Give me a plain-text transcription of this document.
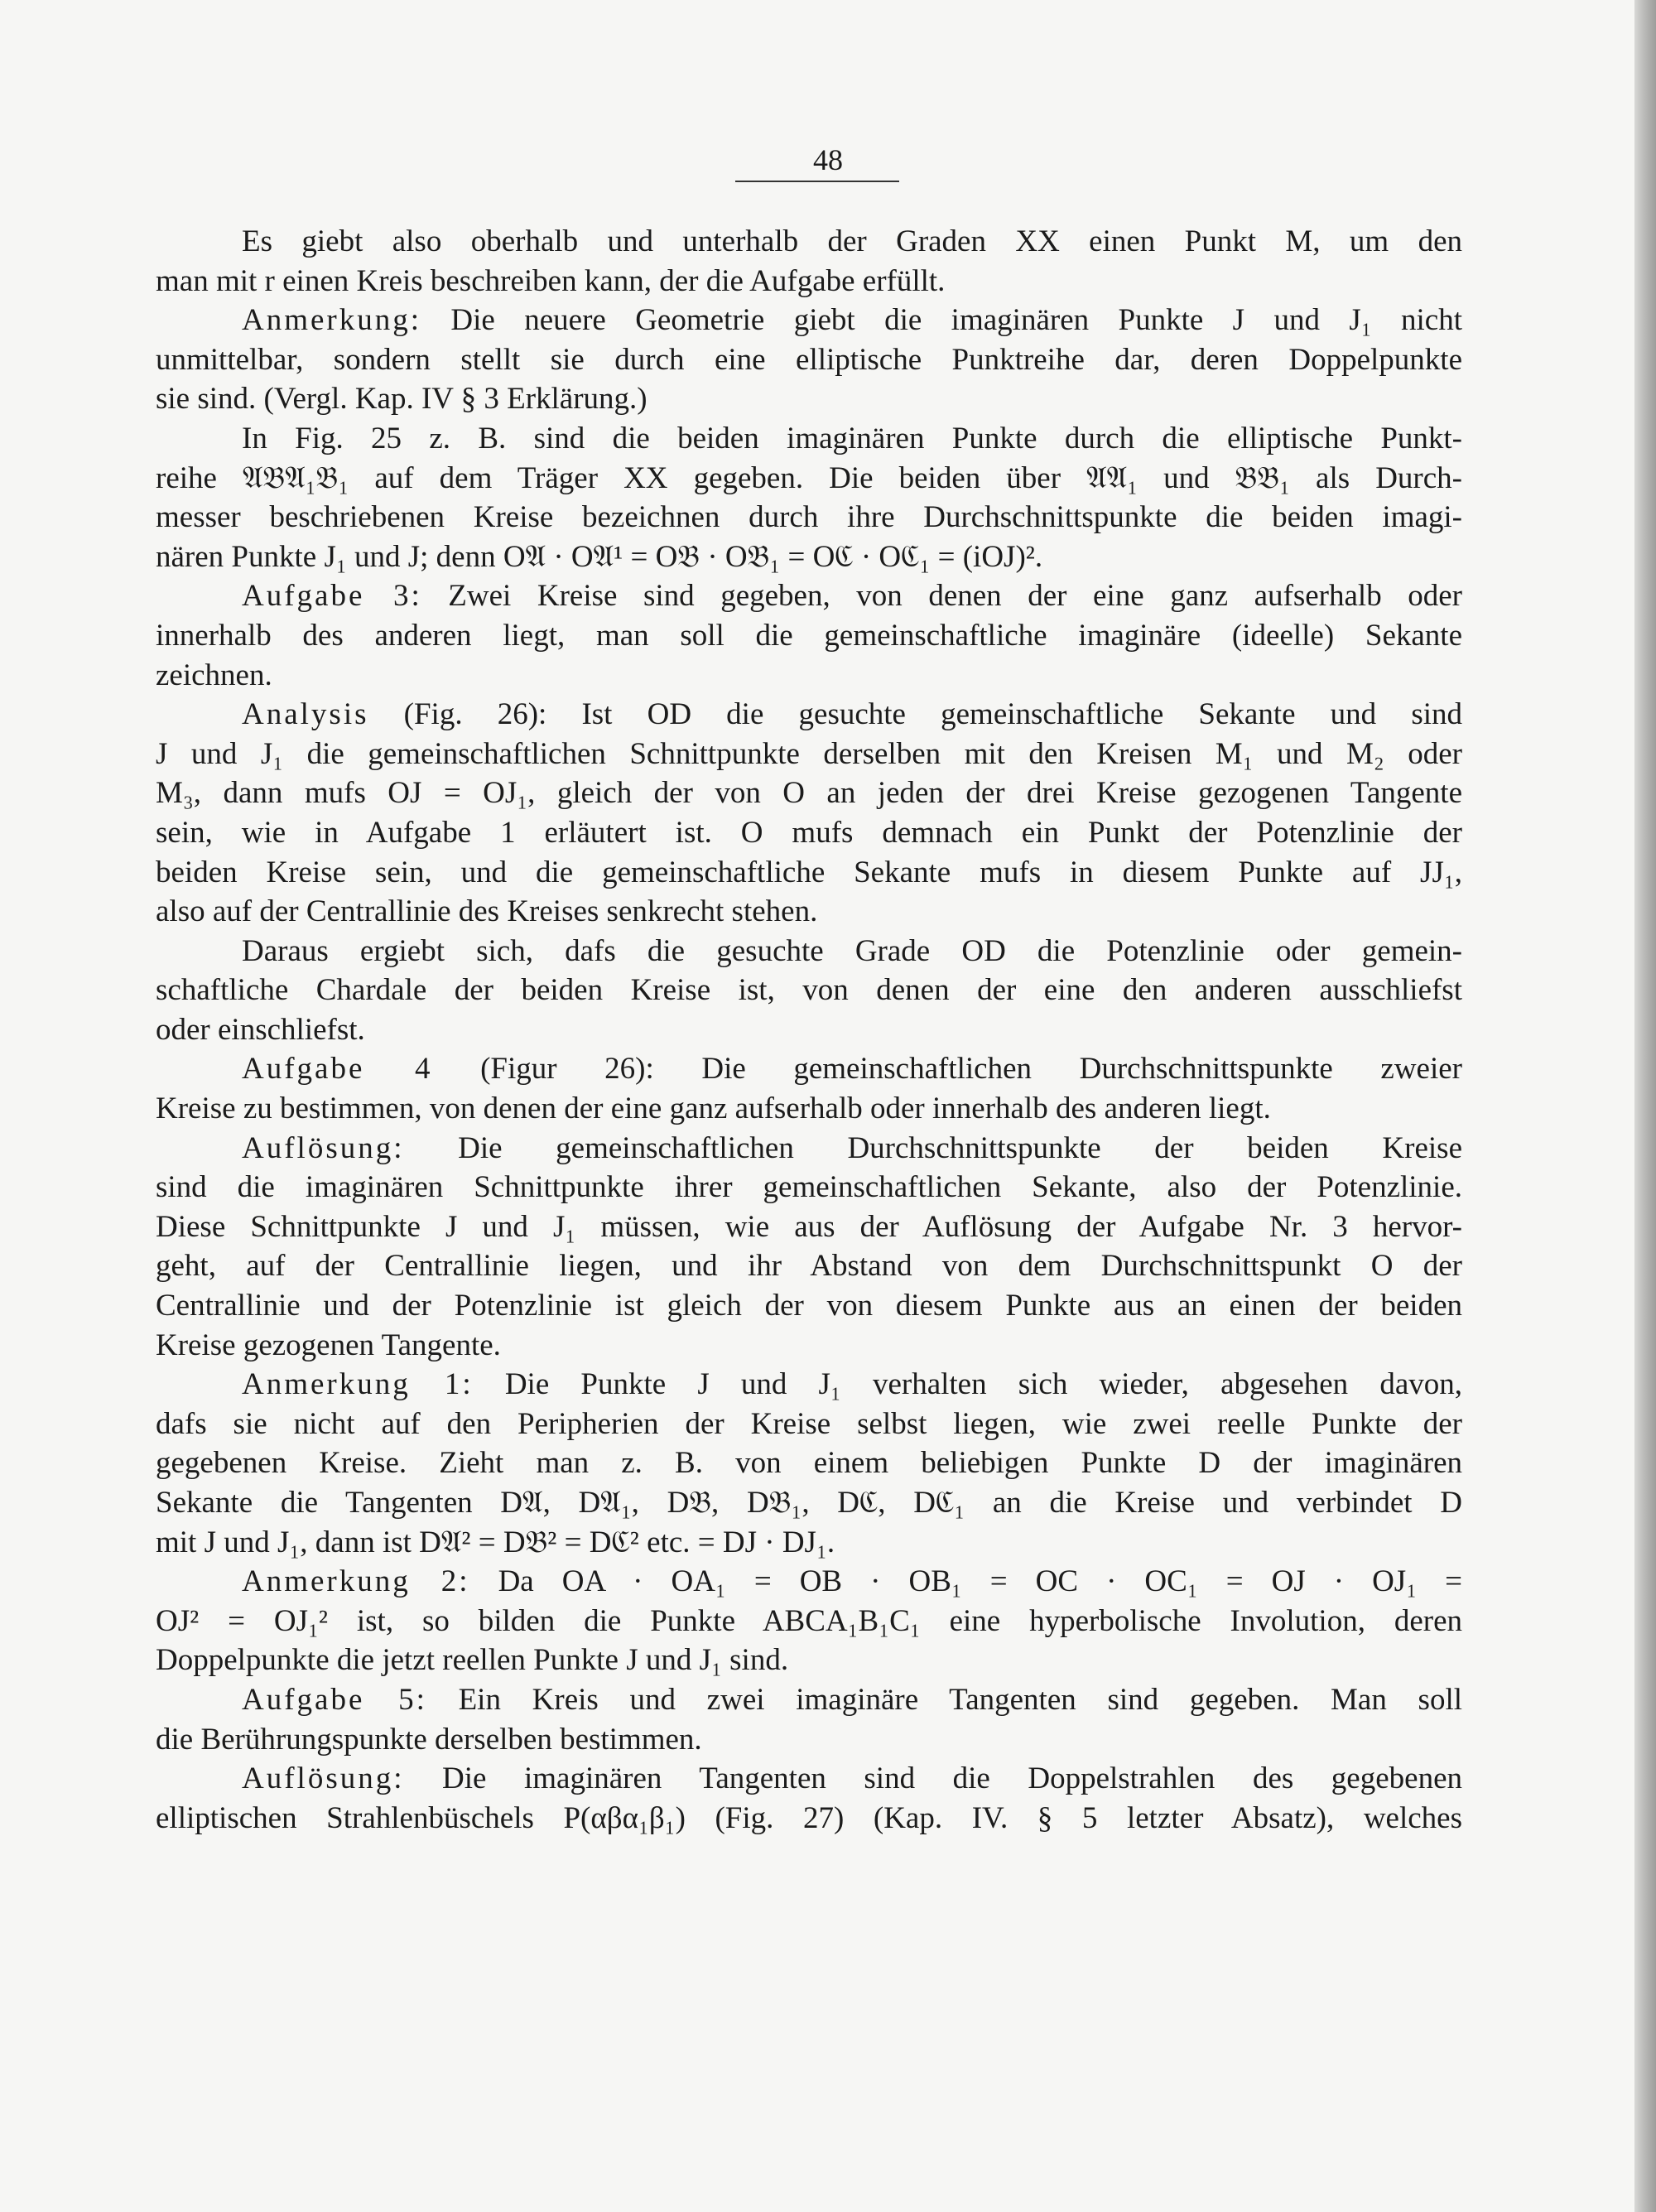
48
Es giebt also oberhalb und unterhalb der Graden XX einen Punkt M, um den
man mit r einen Kreis beschreiben kann, der die Aufgabe erfüllt.
Anmerkung: Die neuere Geometrie giebt die imaginären Punkte J und J₁ nicht
unmittelbar, sondern stellt sie durch eine elliptische Punktreihe dar, deren Doppelpunkte
sie sind. (Vergl. Kap. IV § 3 Erklärung.)
In Fig. 25 z. B. sind die beiden imaginären Punkte durch die elliptische Punkt-
reihe 𝔄𝔅𝔄₁𝔅₁ auf dem Träger XX gegeben. Die beiden über 𝔄𝔄₁ und 𝔅𝔅₁ als Durch-
messer beschriebenen Kreise bezeichnen durch ihre Durchschnittspunkte die beiden imagi-
nären Punkte J₁ und J; denn O𝔄 · O𝔄¹ = O𝔅 · O𝔅₁ = Oℭ · Oℭ₁ = (iOJ)².
Aufgabe 3: Zwei Kreise sind gegeben, von denen der eine ganz aufserhalb oder
innerhalb des anderen liegt, man soll die gemeinschaftliche imaginäre (ideelle) Sekante
zeichnen.
Analysis (Fig. 26): Ist OD die gesuchte gemeinschaftliche Sekante und sind
J und J₁ die gemeinschaftlichen Schnittpunkte derselben mit den Kreisen M₁ und M₂ oder
M₃, dann mufs OJ = OJ₁, gleich der von O an jeden der drei Kreise gezogenen Tangente
sein, wie in Aufgabe 1 erläutert ist. O mufs demnach ein Punkt der Potenzlinie der
beiden Kreise sein, und die gemeinschaftliche Sekante mufs in diesem Punkte auf JJ₁,
also auf der Centrallinie des Kreises senkrecht stehen.
Daraus ergiebt sich, dafs die gesuchte Grade OD die Potenzlinie oder gemein-
schaftliche Chardale der beiden Kreise ist, von denen der eine den anderen ausschliefst
oder einschliefst.
Aufgabe 4 (Figur 26): Die gemeinschaftlichen Durchschnittspunkte zweier
Kreise zu bestimmen, von denen der eine ganz aufserhalb oder innerhalb des anderen liegt.
Auflösung: Die gemeinschaftlichen Durchschnittspunkte der beiden Kreise
sind die imaginären Schnittpunkte ihrer gemeinschaftlichen Sekante, also der Potenzlinie.
Diese Schnittpunkte J und J₁ müssen, wie aus der Auflösung der Aufgabe Nr. 3 hervor-
geht, auf der Centrallinie liegen, und ihr Abstand von dem Durchschnittspunkt O der
Centrallinie und der Potenzlinie ist gleich der von diesem Punkte aus an einen der beiden
Kreise gezogenen Tangente.
Anmerkung 1: Die Punkte J und J₁ verhalten sich wieder, abgesehen davon,
dafs sie nicht auf den Peripherien der Kreise selbst liegen, wie zwei reelle Punkte der
gegebenen Kreise. Zieht man z. B. von einem beliebigen Punkte D der imaginären
Sekante die Tangenten D𝔄, D𝔄₁, D𝔅, D𝔅₁, Dℭ, Dℭ₁ an die Kreise und verbindet D
mit J und J₁, dann ist D𝔄² = D𝔅² = Dℭ² etc. = DJ · DJ₁.
Anmerkung 2: Da OA · OA₁ = OB · OB₁ = OC · OC₁ = OJ · OJ₁ =
OJ² = OJ₁² ist, so bilden die Punkte ABCA₁B₁C₁ eine hyperbolische Involution, deren
Doppelpunkte die jetzt reellen Punkte J und J₁ sind.
Aufgabe 5: Ein Kreis und zwei imaginäre Tangenten sind gegeben. Man soll
die Berührungspunkte derselben bestimmen.
Auflösung: Die imaginären Tangenten sind die Doppelstrahlen des gegebenen
elliptischen Strahlenbüschels P(αβα₁β₁) (Fig. 27) (Kap. IV. § 5 letzter Absatz), welches
